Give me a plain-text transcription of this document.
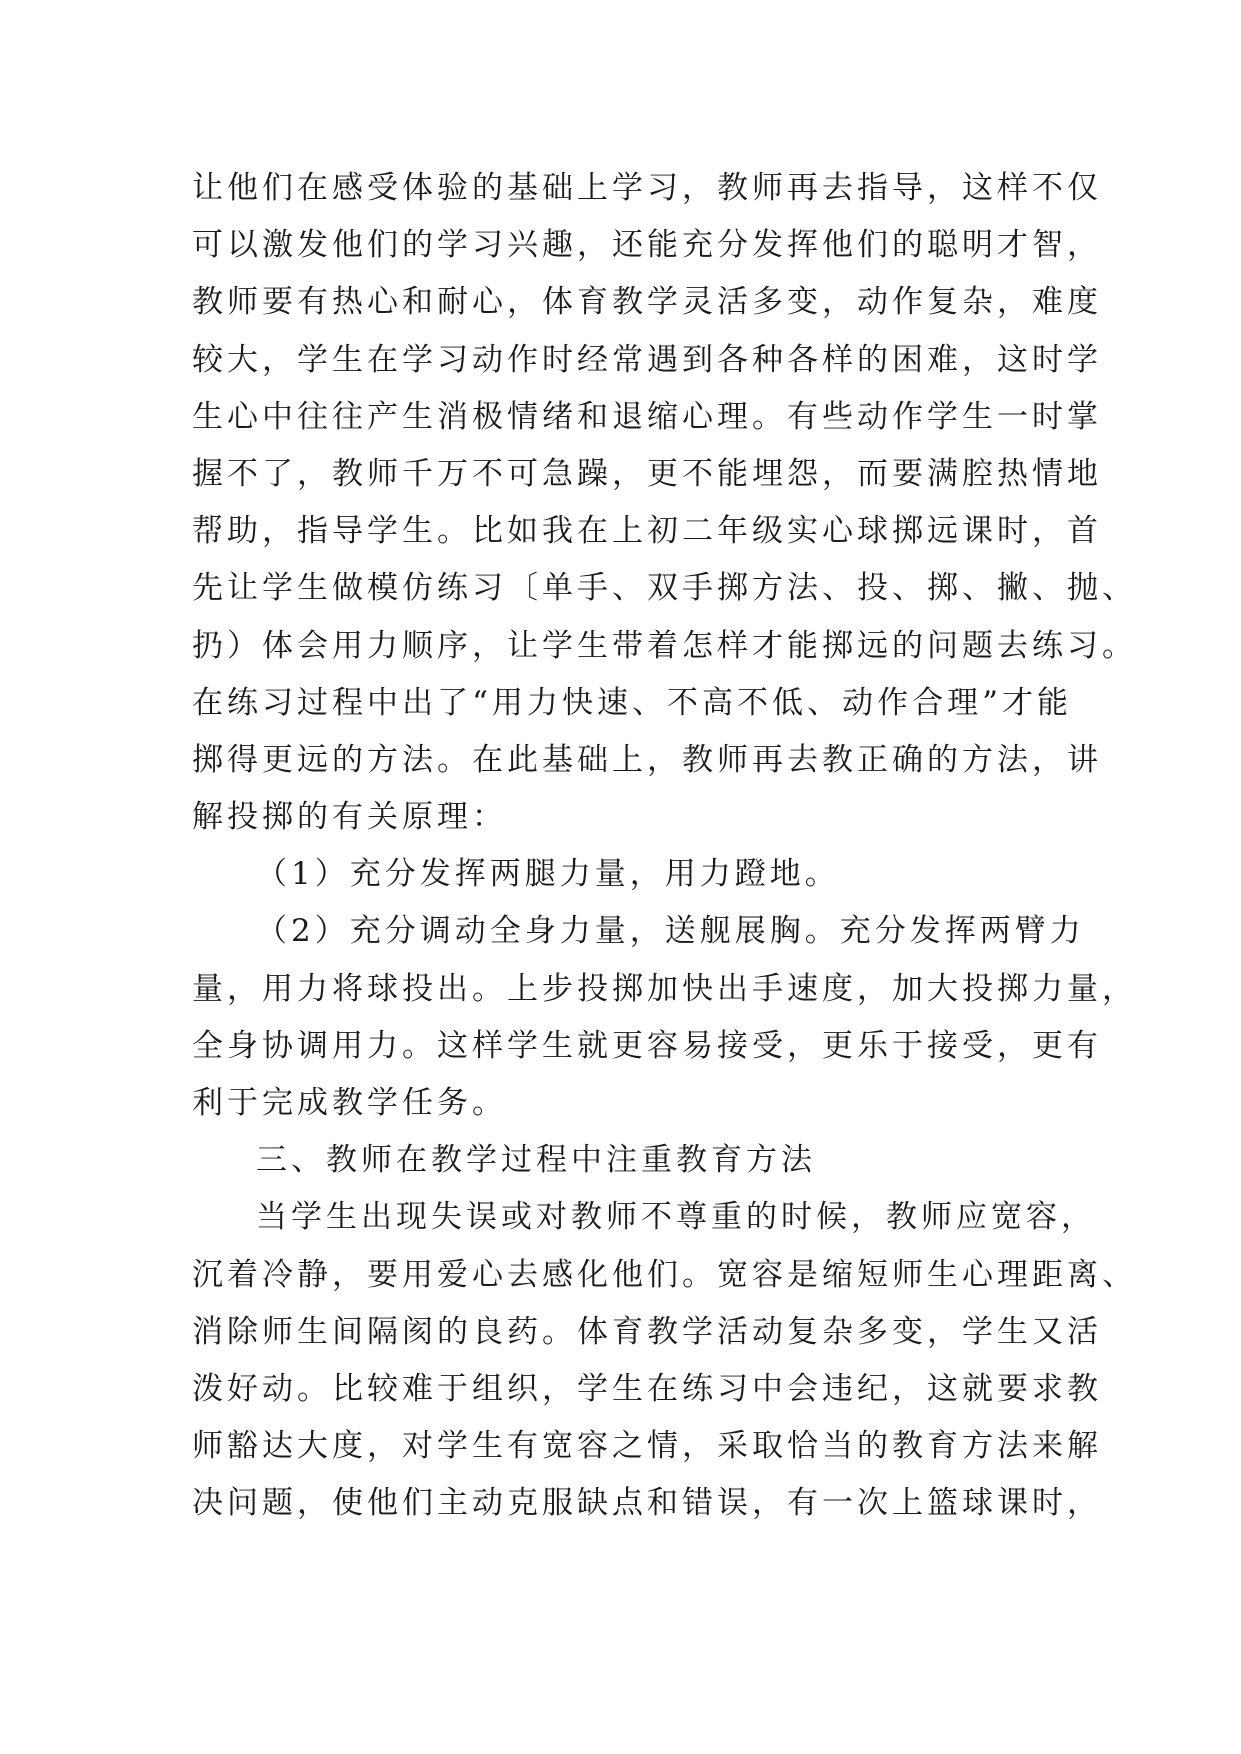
让他们在感受体验的基础上学习，教师再去指导，这样不仅
可以激发他们的学习兴趣，还能充分发挥他们的聪明才智，
教师要有热心和耐心，体育教学灵活多变，动作复杂，难度
较大，学生在学习动作时经常遇到各种各样的困难，这时学
生心中往往产生消极情绪和退缩心理。有些动作学生一时掌
握不了，教师千万不可急躁，更不能埋怨，而要满腔热情地
帮助，指导学生。比如我在上初二年级实心球掷远课时，首
先让学生做模仿练习〔单手、双手掷方法、投、掷、撇、抛、
扔）体会用力顺序，让学生带着怎样才能掷远的问题去练习。
在练习过程中出了“用力快速、不高不低、动作合理”才能
掷得更远的方法。在此基础上，教师再去教正确的方法，讲
解投掷的有关原理：
（1）充分发挥两腿力量，用力蹬地。
（2）充分调动全身力量，送舰展胸。充分发挥两臂力
量，用力将球投出。上步投掷加快出手速度，加大投掷力量，
全身协调用力。这样学生就更容易接受，更乐于接受，更有
利于完成教学任务。
三、教师在教学过程中注重教育方法
当学生出现失误或对教师不尊重的时候，教师应宽容，
沉着冷静，要用爱心去感化他们。宽容是缩短师生心理距离、
消除师生间隔阂的良药。体育教学活动复杂多变，学生又活
泼好动。比较难于组织，学生在练习中会违纪，这就要求教
师豁达大度，对学生有宽容之情，采取恰当的教育方法来解
决问题，使他们主动克服缺点和错误，有一次上篮球课时，
